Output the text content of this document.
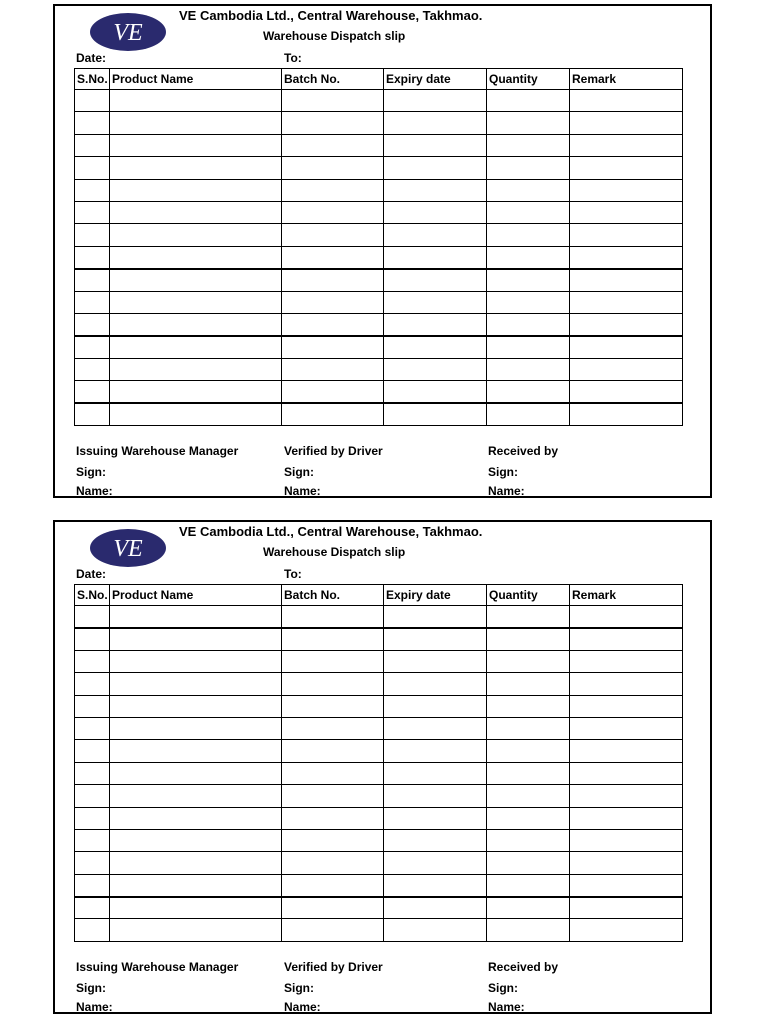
VE
VE Cambodia Ltd., Central Warehouse, Takhmao.
Warehouse Dispatch slip
Date:	To:
S.No.	Product Name	Batch No.	Expiry date	Quantity	Remark

Issuing Warehouse Manager	Verified by Driver	Received by
Sign:	Sign:	Sign:
Name:	Name:	Name:
VE
VE Cambodia Ltd., Central Warehouse, Takhmao.
Warehouse Dispatch slip
Date:	To:
S.No.	Product Name	Batch No.	Expiry date	Quantity	Remark

Issuing Warehouse Manager	Verified by Driver	Received by
Sign:	Sign:	Sign:
Name:	Name:	Name:
